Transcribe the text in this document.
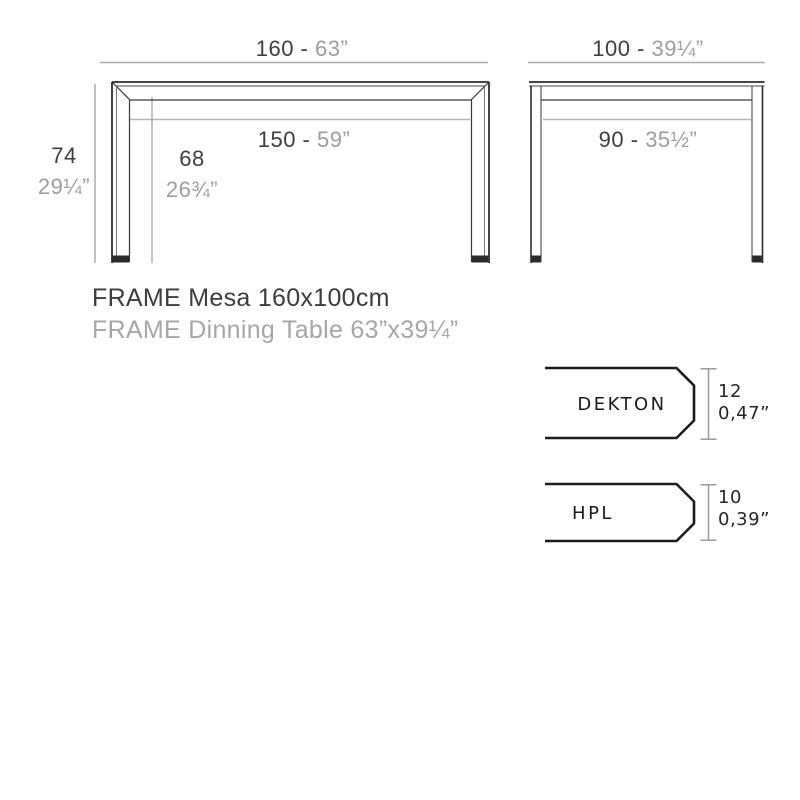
160 - 63”
150 - 59”
74
29¼”
68
26¾”
100 - 39¼”
90 - 35½”
FRAME Mesa 160x100cm
FRAME Dinning Table 63”x39¼”
DEKTON
12
0,47”
HPL
10
0,39”
